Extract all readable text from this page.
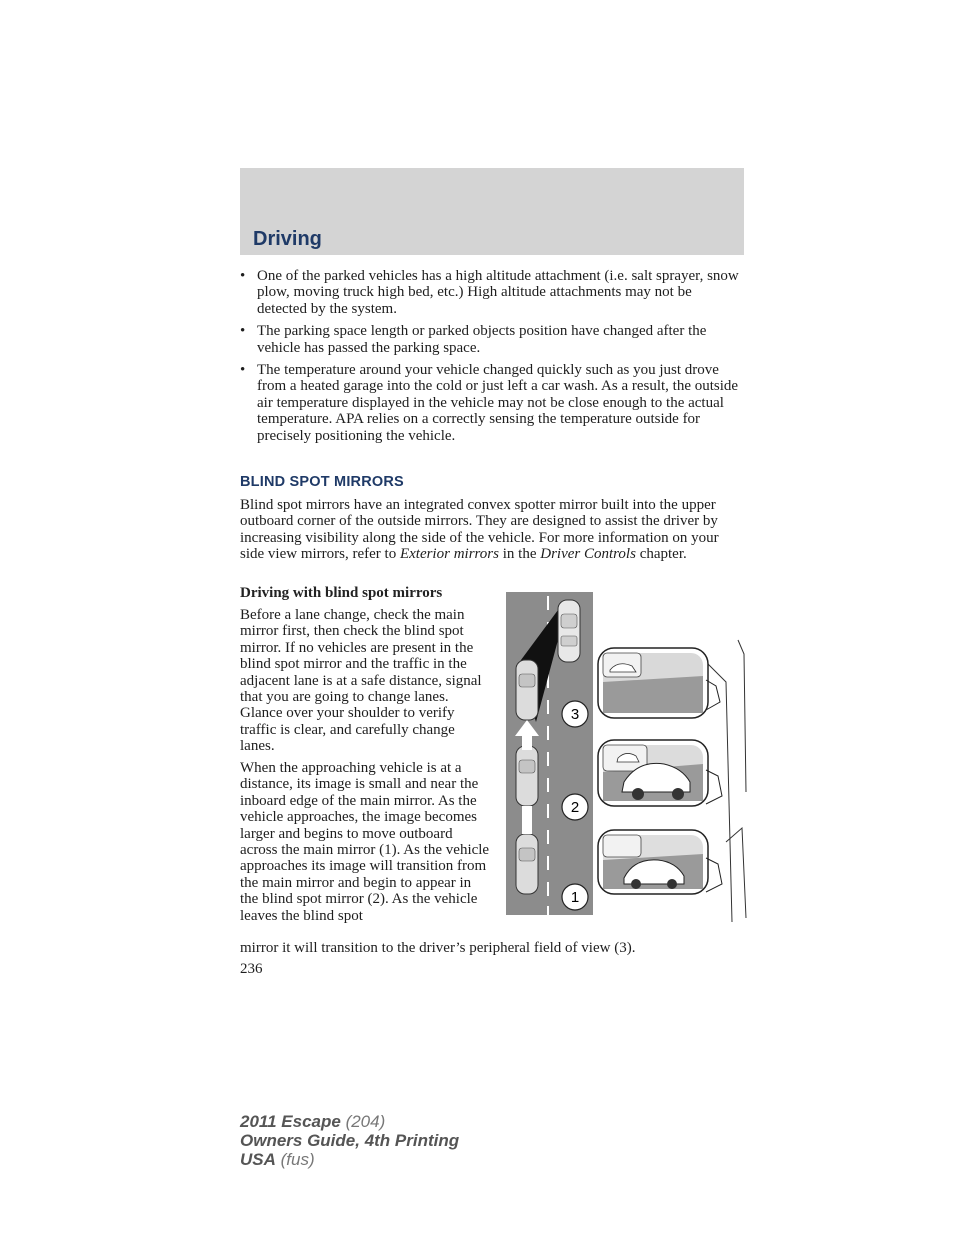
Driving
• One of the parked vehicles has a high altitude attachment (i.e. salt sprayer, snow plow, moving truck high bed, etc.) High altitude attachments may not be detected by the system.
• The parking space length or parked objects position have changed after the vehicle has passed the parking space.
• The temperature around your vehicle changed quickly such as you just drove from a heated garage into the cold or just left a car wash. As a result, the outside air temperature displayed in the vehicle may not be close enough to the actual temperature. APA relies on a correctly sensing the temperature outside for precisely positioning the vehicle.
BLIND SPOT MIRRORS

Blind spot mirrors have an integrated convex spotter mirror built into the upper outboard corner of the outside mirrors. They are designed to assist the driver by increasing visibility along the side of the vehicle. For more information on your side view mirrors, refer to Exterior mirrors in the Driver Controls chapter.

Driving with blind spot mirrors

Before a lane change, check the main mirror first, then check the blind spot mirror. If no vehicles are present in the blind spot mirror and the traffic in the adjacent lane is at a safe distance, signal that you are going to change lanes. Glance over your shoulder to verify traffic is clear, and carefully change lanes.

When the approaching vehicle is at a distance, its image is small and near the inboard edge of the main mirror. As the vehicle approaches, the image becomes larger and begins to move outboard across the main mirror (1). As the vehicle approaches its image will transition from the main mirror and begin to appear in the blind spot mirror (2). As the vehicle leaves the blind spot

mirror it will transition to the driver’s peripheral field of view (3).

236
3
2
1
2011 Escape (204)
Owners Guide, 4th Printing
USA (fus)
